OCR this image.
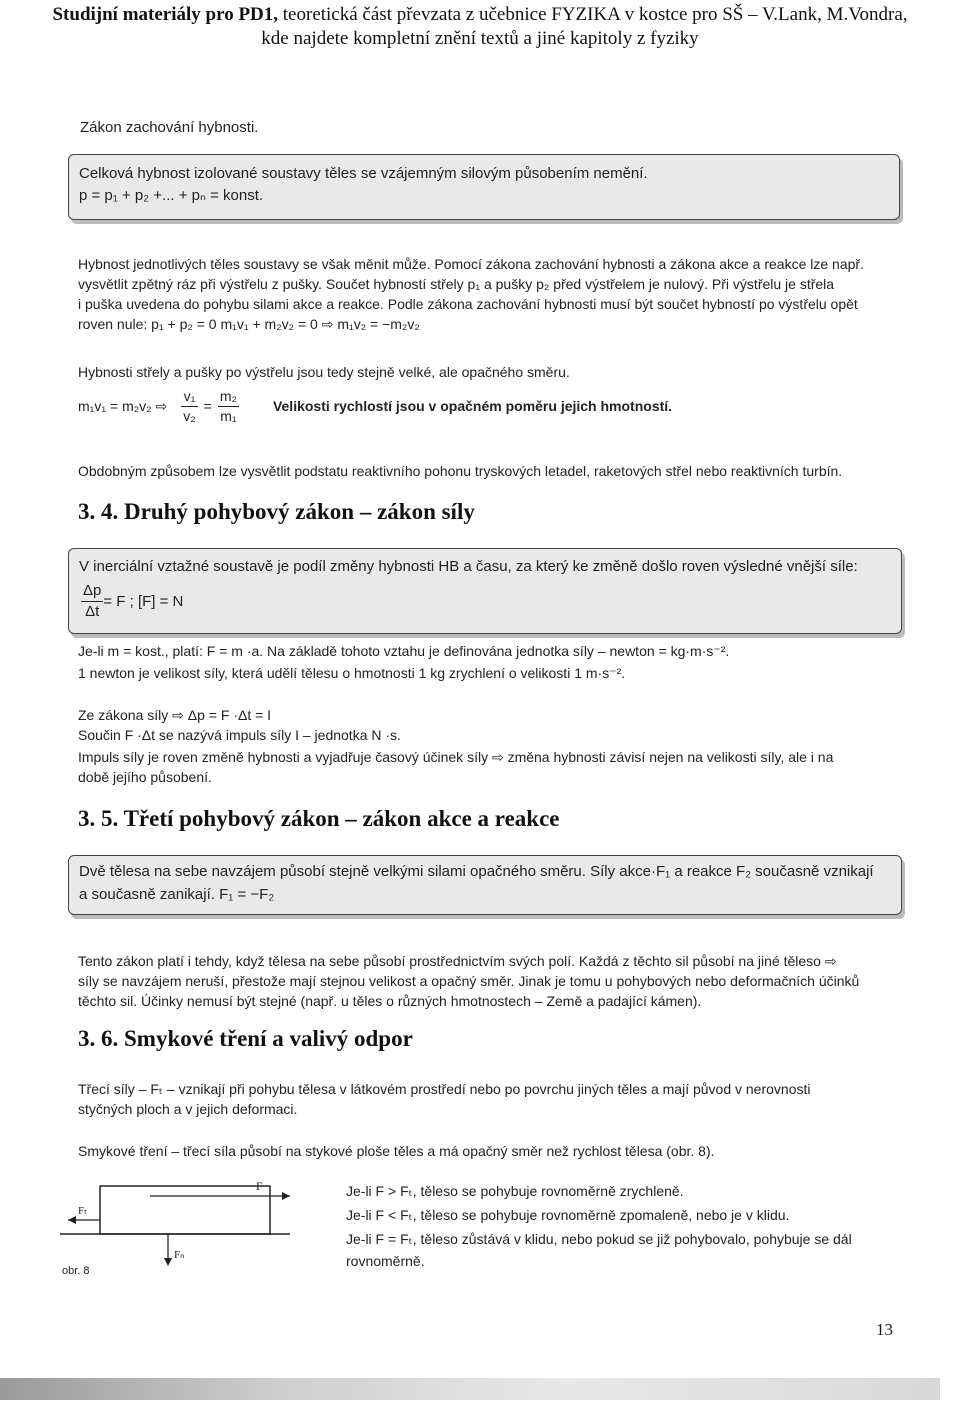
Studijní materiály pro PD1, teoretická část převzata z učebnice FYZIKA v kostce pro SŠ – V.Lank, M.Vondra,
kde najdete kompletní znění textů a jiné kapitoly z fyziky
Zákon zachování hybnosti.
Celková hybnost izolované soustavy těles se vzájemným silovým působením nemění.
p = p₁ + p₂ +... + pₙ = konst.
Hybnost jednotlivých těles soustavy se však měnit může. Pomocí zákona zachování hybnosti a zákona akce a reakce lze např.
vysvětlit zpětný ráz při výstřelu z pušky. Součet hybností střely p₁ a pušky p₂ před výstřelem je nulový. Při výstřelu je střela
i puška uvedena do pohybu silami akce a reakce. Podle zákona zachování hybnosti musí být součet hybností po výstřelu opět
roven nule: p₁ + p₂ = 0 m₁v₁ + m₂v₂ = 0 ⇨ m₁v₂ = −m₂v₂
Hybnosti střely a pušky po výstřelu jsou tedy stejně velké, ale opačného směru.
m₁v₁ = m₂v₂ ⇨ $\frac{\text{v₁}}{\text{v₂}} = \frac{\text{m₂}}{\text{m₁}}$ Velikosti rychlostí jsou v opačném poměru jejich hmotností.
Obdobným způsobem lze vysvětlit podstatu reaktivního pohonu tryskových letadel, raketových střel nebo reaktivních turbín.
3. 4. Druhý pohybový zákon – zákon síly
V inerciální vztažné soustavě je podíl změny hybnosti HB a času, za který ke změně došlo roven výsledné vnější síle:
$\frac{\Delta p}{\Delta t} = F$ ; [F] = N
Je-li m = kost., platí: F = m ·a. Na základě tohoto vztahu je definována jednotka síly – newton = kg·m·s⁻².
1 newton je velikost síly, která udělí tělesu o hmotnosti 1 kg zrychlení o velikosti 1 m·s⁻².
Ze zákona síly ⇨ Δp = F ·Δt = I
Součin F ·Δt se nazývá impuls síly I – jednotka N ·s.
Impuls síly je roven změně hybnosti a vyjadřuje časový účinek síly ⇨ změna hybnosti závisí nejen na velikosti síly, ale i na
době jejího působení.
3. 5. Třetí pohybový zákon – zákon akce a reakce
Dvě tělesa na sebe navzájem působí stejně velkými silami opačného směru. Síly akce·F₁ a reakce F₂ současně vznikají
a současně zanikají. F₁ = −F₂
Tento zákon platí i tehdy, když tělesa na sebe působí prostřednictvím svých polí. Každá z těchto sil působí na jiné těleso ⇨
síly se navzájem neruší, přestože mají stejnou velikost a opačný směr. Jinak je tomu u pohybových nebo deformačních účinků
těchto sil. Účinky nemusí být stejné (např. u těles o různých hmotnostech – Země a padající kámen).
3. 6. Smykové tření a valivý odpor
Třecí síly – Fₜ – vznikají při pohybu tělesa v látkovém prostředí nebo po povrchu jiných těles a mají původ v nerovnosti
styčných ploch a v jejich deformaci.
Smykové tření – třecí síla působí na stykové ploše těles a má opačný směr než rychlost tělesa (obr. 8).
F
Fₜ
Fₙ
obr. 8
Je-li F > Fₜ, těleso se pohybuje rovnoměrně zrychleně.
Je-li F < Fₜ, těleso se pohybuje rovnoměrně zpomaleně, nebo je v klidu.
Je-li F = Fₜ, těleso zůstává v klidu, nebo pokud se již pohybovalo, pohybuje se dál
rovnoměrně.
13
